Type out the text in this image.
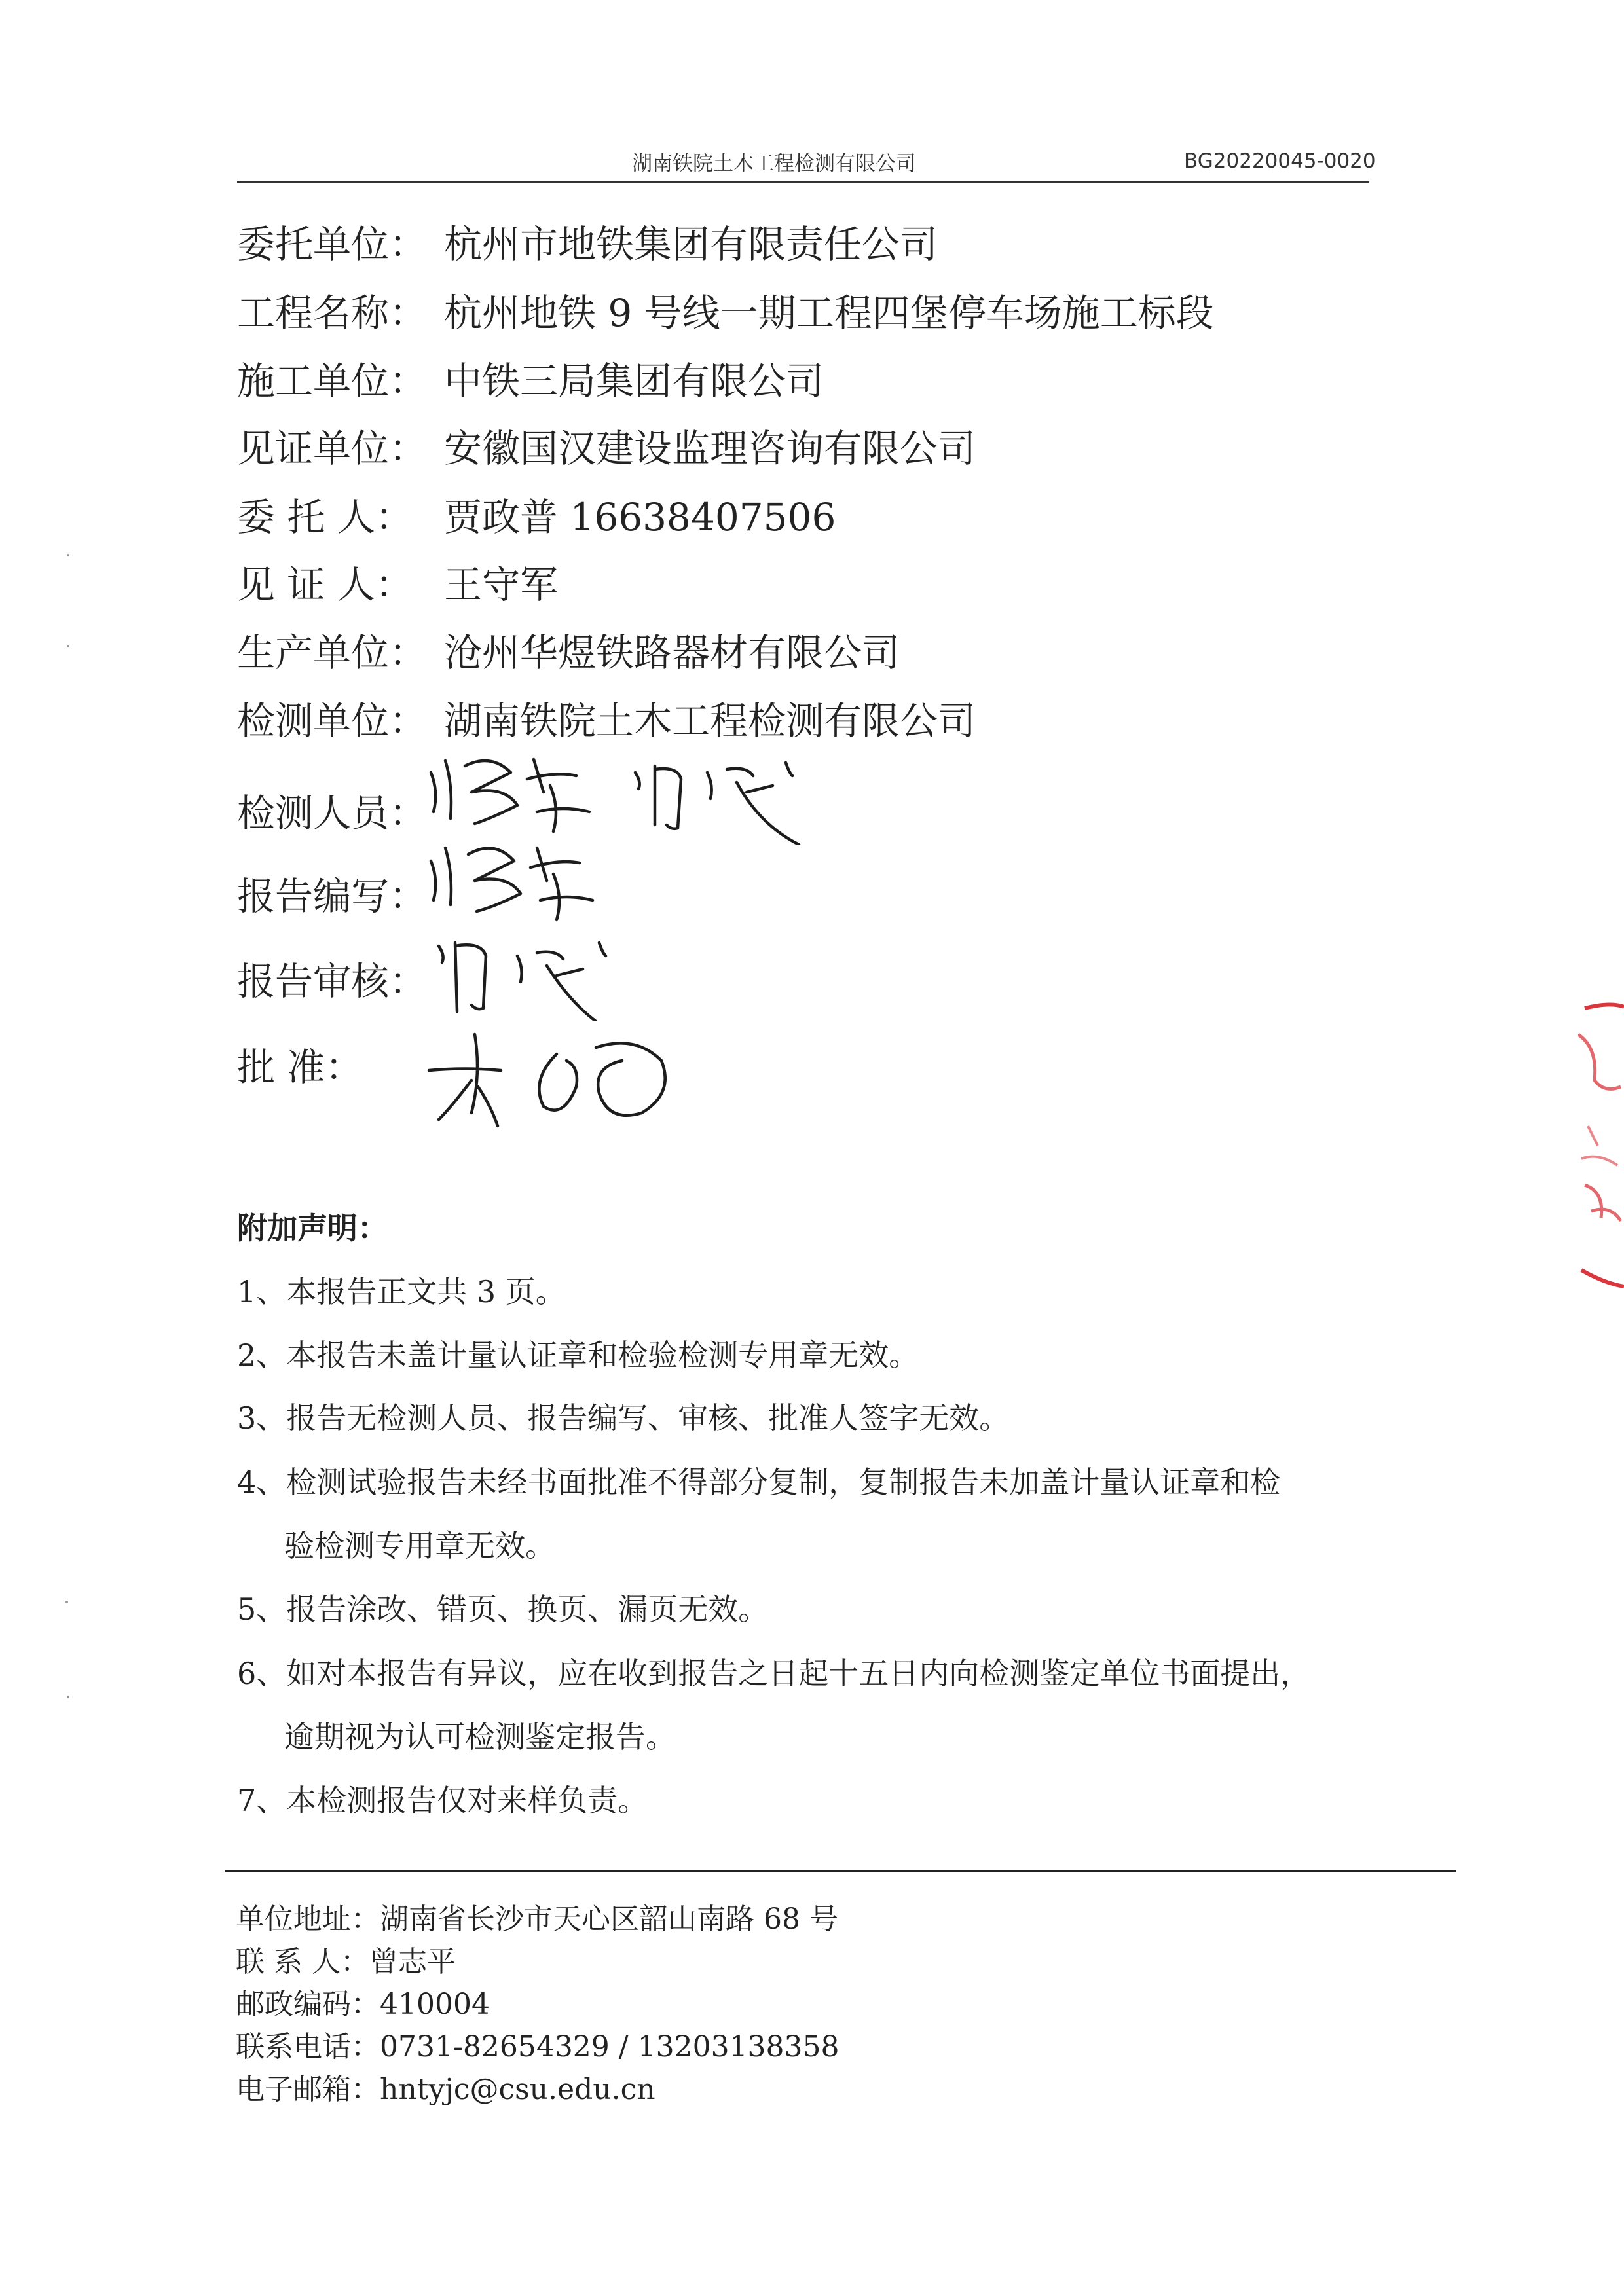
湖南铁院土木工程检测有限公司	BG20220045-0020
委托单位： 杭州市地铁集团有限责任公司
工程名称： 杭州地铁 9 号线一期工程四堡停车场施工标段
施工单位： 中铁三局集团有限公司
见证单位： 安徽国汉建设监理咨询有限公司
委 托 人： 贾政普 16638407506
见 证 人： 王守军
生产单位： 沧州华煜铁路器材有限公司
检测单位： 湖南铁院土木工程检测有限公司
检测人员：
报告编写：
报告审核：
批 准：
附加声明：
1、本报告正文共 3 页。
2、本报告未盖计量认证章和检验检测专用章无效。
3、报告无检测人员、报告编写、审核、批准人签字无效。
4、检测试验报告未经书面批准不得部分复制，复制报告未加盖计量认证章和检
验检测专用章无效。
5、报告涂改、错页、换页、漏页无效。
6、如对本报告有异议，应在收到报告之日起十五日内向检测鉴定单位书面提出，
逾期视为认可检测鉴定报告。
7、本检测报告仅对来样负责。
单位地址：湖南省长沙市天心区韶山南路 68 号
联 系 人：曾志平
邮政编码：410004
联系电话：0731-82654329 / 13203138358
电子邮箱：hntyjc@csu.edu.cn
